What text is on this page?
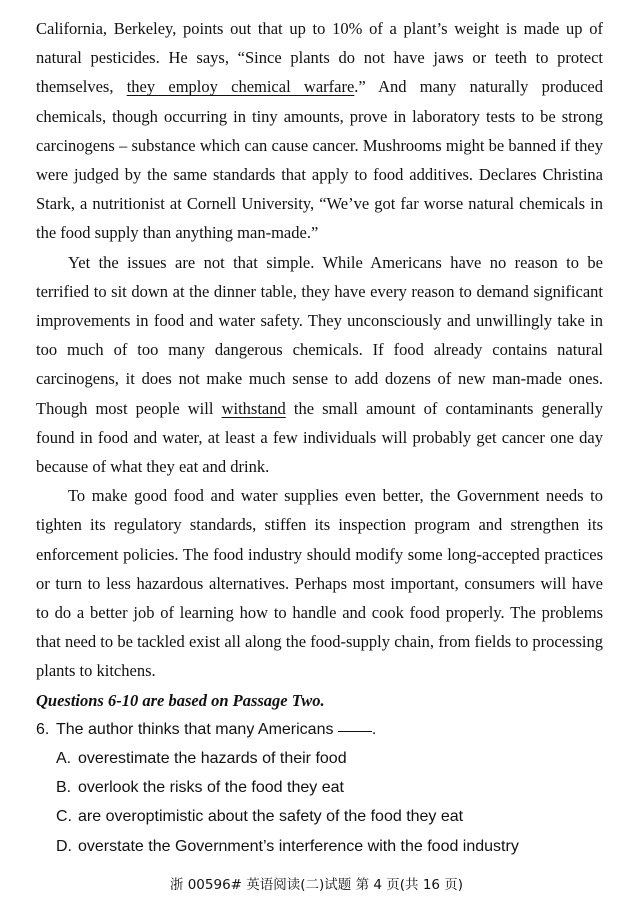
California, Berkeley, points out that up to 10% of a plant’s weight is made up of natural pesticides. He says, “Since plants do not have jaws or teeth to protect themselves, they employ chemical warfare.” And many naturally produced chemicals, though occurring in tiny amounts, prove in laboratory tests to be strong carcinogens – substance which can cause cancer. Mushrooms might be banned if they were judged by the same standards that apply to food additives. Declares Christina Stark, a nutritionist at Cornell University, “We’ve got far worse natural chemicals in the food supply than anything man-made.”

Yet the issues are not that simple. While Americans have no reason to be terrified to sit down at the dinner table, they have every reason to demand significant improvements in food and water safety. They unconsciously and unwillingly take in too much of too many dangerous chemicals. If food already contains natural carcinogens, it does not make much sense to add dozens of new man-made ones. Though most people will withstand the small amount of contaminants generally found in food and water, at least a few individuals will probably get cancer one day because of what they eat and drink.

To make good food and water supplies even better, the Government needs to tighten its regulatory standards, stiffen its inspection program and strengthen its enforcement policies. The food industry should modify some long-accepted practices or turn to less hazardous alternatives. Perhaps most important, consumers will have to do a better job of learning how to handle and cook food properly. The problems that need to be tackled exist all along the food-supply chain, from fields to processing plants to kitchens.

Questions 6-10 are based on Passage Two.

6. The author thinks that many Americans .

A. overestimate the hazards of their food

B. overlook the risks of the food they eat

C. are overoptimistic about the safety of the food they eat

D. overstate the Government’s interference with the food industry

浙 00596# 英语阅读(二)试题 第 4 页(共 16 页)
